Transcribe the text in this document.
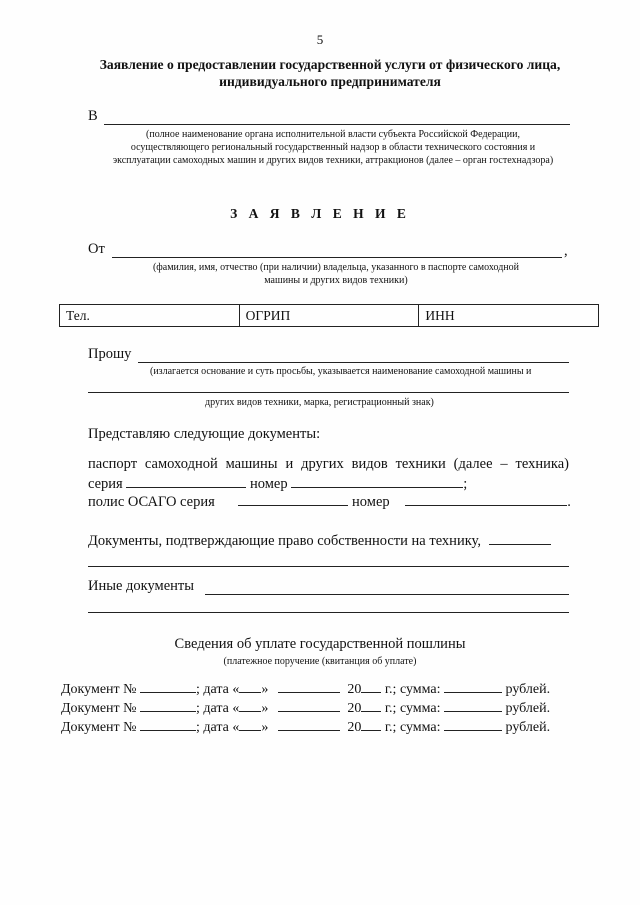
5
Заявление о предоставлении государственной услуги от физического лица, индивидуального предпринимателя
В
(полное наименование органа исполнительной власти субъекта Российской Федерации, осуществляющего региональный государственный надзор в области технического состояния и эксплуатации самоходных машин и других видов техники, аттракционов (далее – орган гостехнадзора)
З А Я В Л Е Н И Е
От	,
(фамилия, имя, отчество (при наличии) владельца, указанного в паспорте самоходной машины и других видов техники)
Тел.	ОГРИП	ИНН
Прошу
(излагается основание и суть просьбы, указывается наименование самоходной машины и
других видов техники, марка, регистрационный знак)
Представляю следующие документы:
паспорт самоходной машины и других видов техники (далее – техника)
серия	номер	;
полис ОСАГО серия	номер	.
Документы, подтверждающие право собственности на технику,
Иные документы
Сведения об уплате государственной пошлины
(платежное поручение (квитанция об уплате)
Документ №	; дата « »	20 г.; сумма:	рублей.
Документ №	; дата « »	20 г.; сумма:	рублей.
Документ №	; дата « »	20 г.; сумма:	рублей.
